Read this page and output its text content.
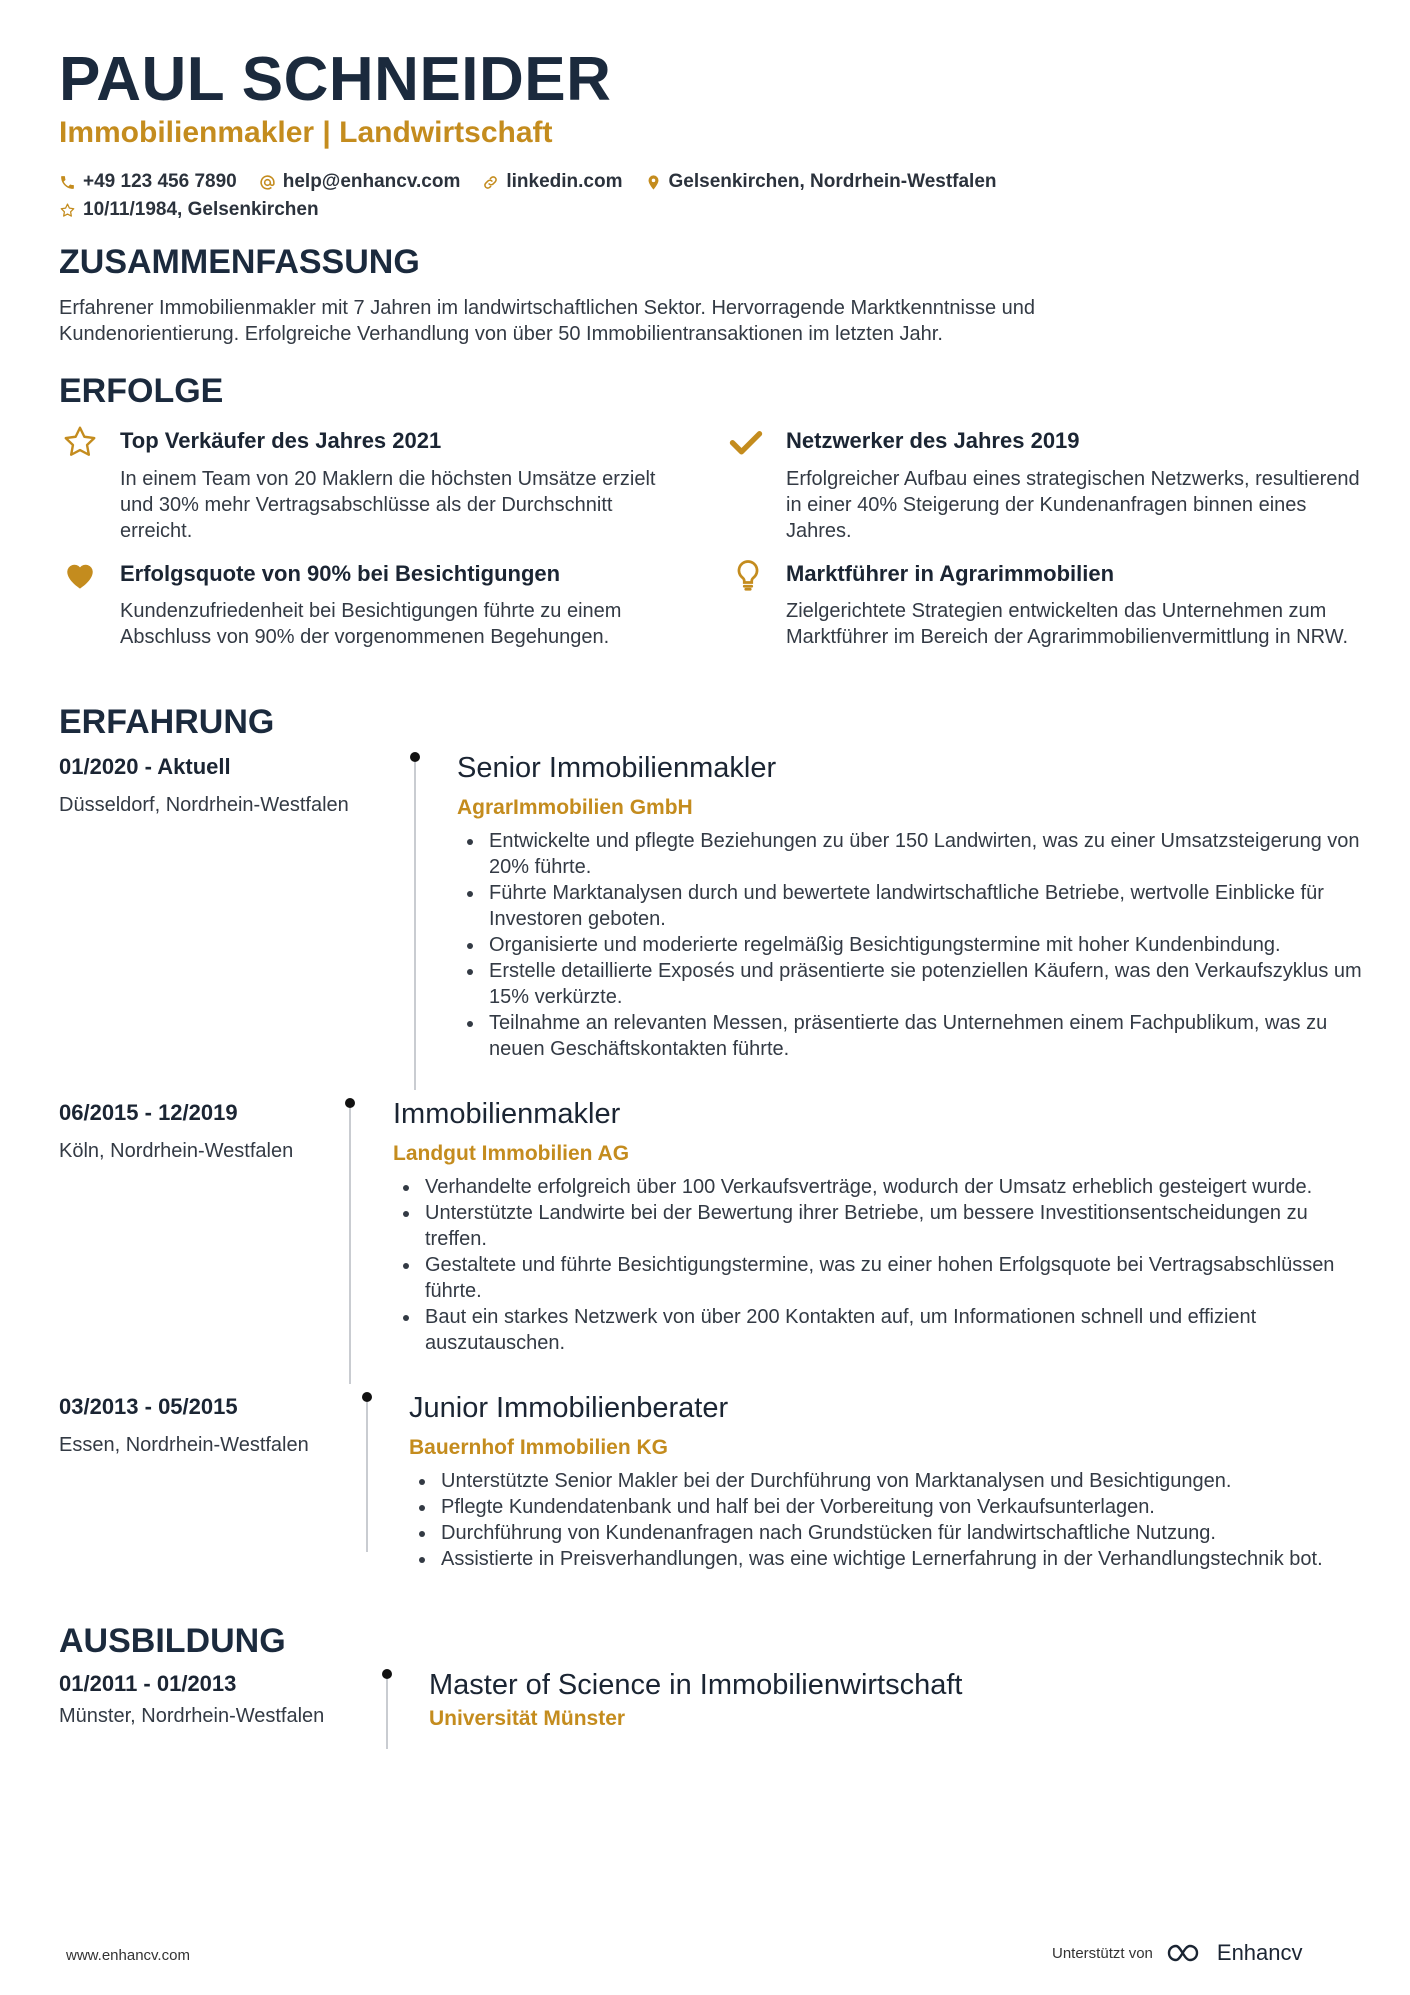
PAUL SCHNEIDER
Immobilienmakler | Landwirtschaft
+49 123 456 7890 help@enhancv.com linkedin.com Gelsenkirchen, Nordrhein-Westfalen
10/11/1984, Gelsenkirchen
ZUSAMMENFASSUNG
Erfahrener Immobilienmakler mit 7 Jahren im landwirtschaftlichen Sektor. Hervorragende Marktkenntnisse und Kundenorientierung. Erfolgreiche Verhandlung von über 50 Immobilientransaktionen im letzten Jahr.
ERFOLGE
Top Verkäufer des Jahres 2021
In einem Team von 20 Maklern die höchsten Umsätze erzielt und 30% mehr Vertragsabschlüsse als der Durchschnitt erreicht.
Netzwerker des Jahres 2019
Erfolgreicher Aufbau eines strategischen Netzwerks, resultierend in einer 40% Steigerung der Kundenanfragen binnen eines Jahres.
Erfolgsquote von 90% bei Besichtigungen
Kundenzufriedenheit bei Besichtigungen führte zu einem Abschluss von 90% der vorgenommenen Begehungen.
Marktführer in Agrarimmobilien
Zielgerichtete Strategien entwickelten das Unternehmen zum Marktführer im Bereich der Agrarimmobilienvermittlung in NRW.
ERFAHRUNG
01/2020 - Aktuell
Düsseldorf, Nordrhein-Westfalen
Senior Immobilienmakler
AgrarImmobilien GmbH
• Entwickelte und pflegte Beziehungen zu über 150 Landwirten, was zu einer Umsatzsteigerung von 20% führte.
• Führte Marktanalysen durch und bewertete landwirtschaftliche Betriebe, wertvolle Einblicke für Investoren geboten.
• Organisierte und moderierte regelmäßig Besichtigungstermine mit hoher Kundenbindung.
• Erstelle detaillierte Exposés und präsentierte sie potenziellen Käufern, was den Verkaufszyklus um 15% verkürzte.
• Teilnahme an relevanten Messen, präsentierte das Unternehmen einem Fachpublikum, was zu neuen Geschäftskontakten führte.
06/2015 - 12/2019
Köln, Nordrhein-Westfalen
Immobilienmakler
Landgut Immobilien AG
• Verhandelte erfolgreich über 100 Verkaufsverträge, wodurch der Umsatz erheblich gesteigert wurde.
• Unterstützte Landwirte bei der Bewertung ihrer Betriebe, um bessere Investitionsentscheidungen zu treffen.
• Gestaltete und führte Besichtigungstermine, was zu einer hohen Erfolgsquote bei Vertragsabschlüssen führte.
• Baut ein starkes Netzwerk von über 200 Kontakten auf, um Informationen schnell und effizient auszutauschen.
03/2013 - 05/2015
Essen, Nordrhein-Westfalen
Junior Immobilienberater
Bauernhof Immobilien KG
• Unterstützte Senior Makler bei der Durchführung von Marktanalysen und Besichtigungen.
• Pflegte Kundendatenbank und half bei der Vorbereitung von Verkaufsunterlagen.
• Durchführung von Kundenanfragen nach Grundstücken für landwirtschaftliche Nutzung.
• Assistierte in Preisverhandlungen, was eine wichtige Lernerfahrung in der Verhandlungstechnik bot.
AUSBILDUNG
01/2011 - 01/2013
Münster, Nordrhein-Westfalen
Master of Science in Immobilienwirtschaft
Universität Münster
www.enhancv.com	Unterstützt von	Enhancv
